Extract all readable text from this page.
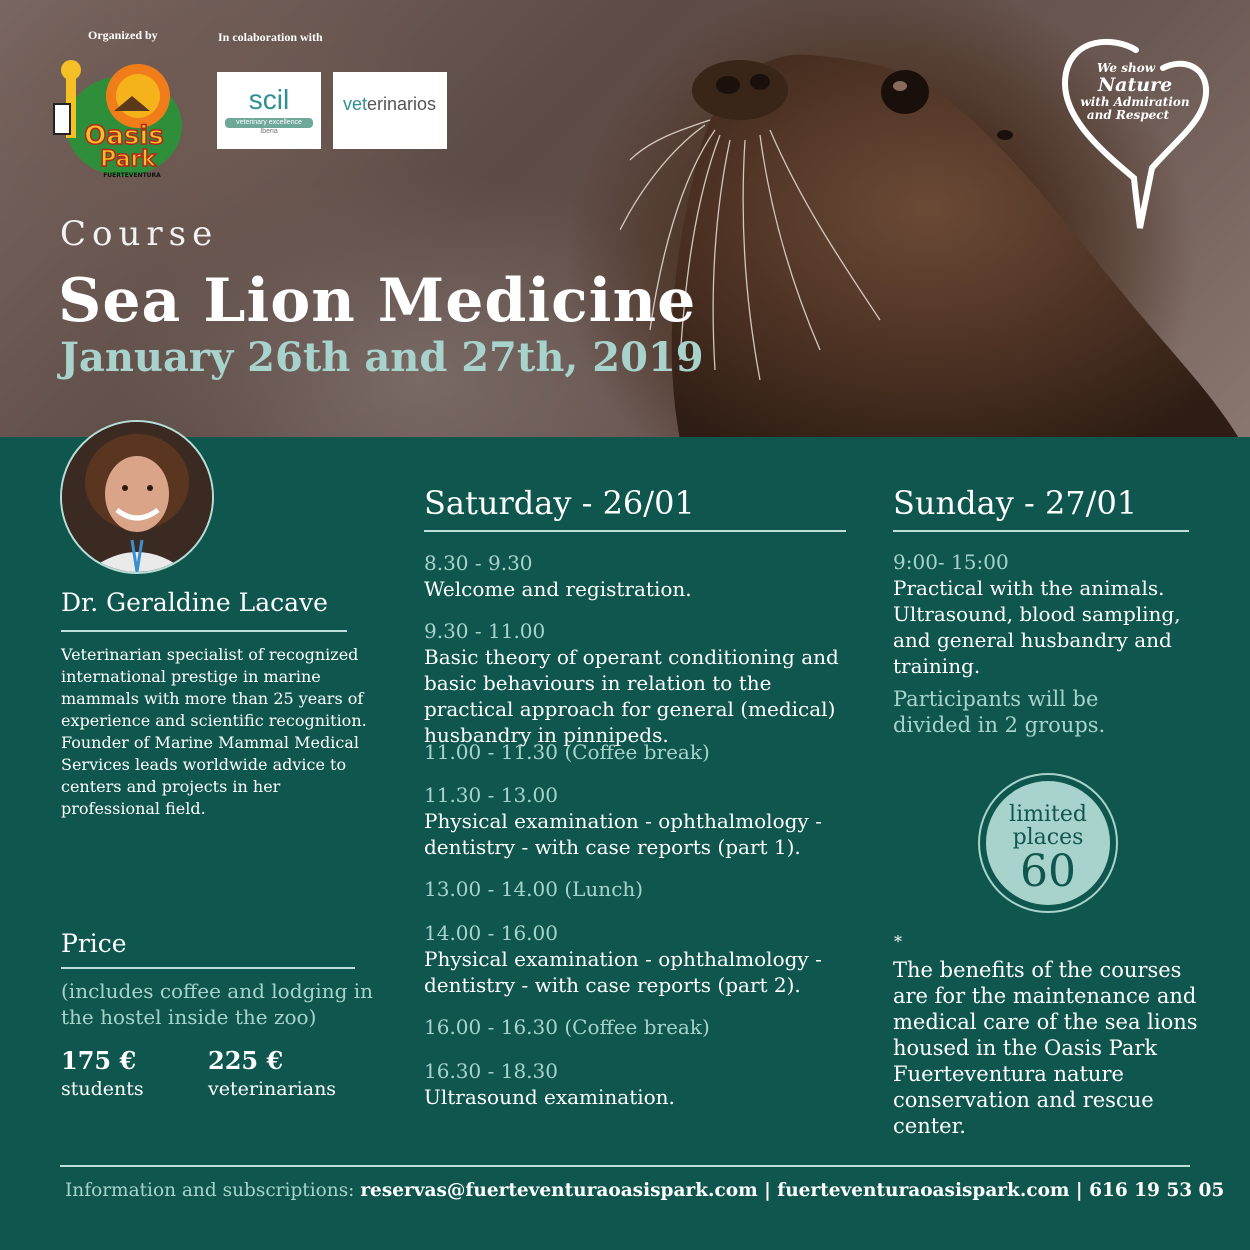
Organized by	In colaboration with
Oasis
Park
FUERTEVENTURA
scil
veterinary excellence
Iberia
veterinarios
We show
Nature
with Admiration
and Respect
Course
Sea Lion Medicine
January 26th and 27th, 2019
Dr. Geraldine Lacave
Veterinarian specialist of recognized international prestige in marine mammals with more than 25 years of experience and scientific recognition. Founder of Marine Mammal Medical Services leads worldwide advice to centers and projects in her professional field.
Price
(includes coffee and lodging in the hostel inside the zoo)
175 €
students
225 €
veterinarians
Saturday - 26/01
8.30 - 9.30
Welcome and registration.
9.30 - 11.00
Basic theory of operant conditioning and basic behaviours in relation to the practical approach for general (medical) husbandry in pinnipeds.
11.00 - 11.30 (Coffee break)
11.30 - 13.00
Physical examination - ophthalmology - dentistry - with case reports (part 1).
13.00 - 14.00 (Lunch)
14.00 - 16.00
Physical examination - ophthalmology - dentistry - with case reports (part 2).
16.00 - 16.30 (Coffee break)
16.30 - 18.30
Ultrasound examination.
Sunday - 27/01
9:00- 15:00
Practical with the animals. Ultrasound, blood sampling, and general husbandry and training.
Participants will be divided in 2 groups.
limited
places
60
*
The benefits of the courses are for the maintenance and medical care of the sea lions housed in the Oasis Park Fuerteventura nature conservation and rescue center.
Information and subscriptions: reservas@fuerteventuraoasispark.com | fuerteventuraoasispark.com | 616 19 53 05
